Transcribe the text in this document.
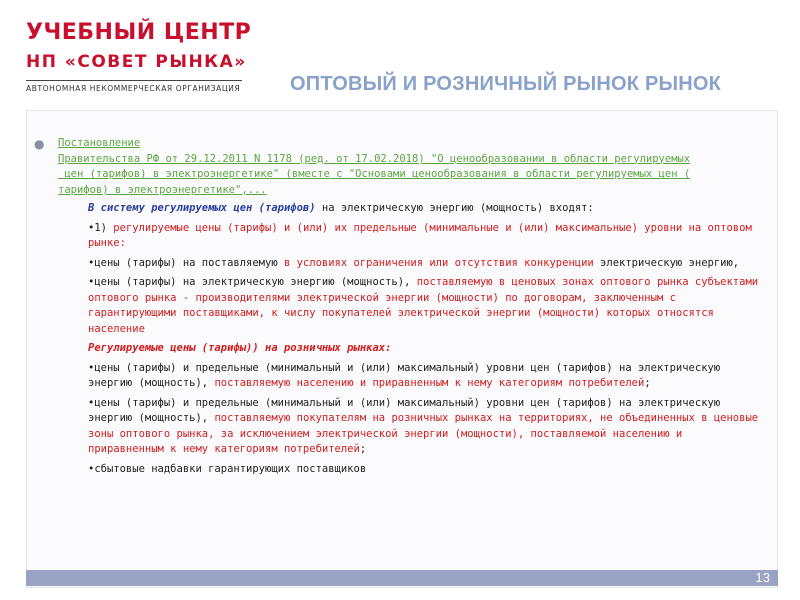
УЧЕБНЫЙ ЦЕНТР
НП «СОВЕТ РЫНКА»
АВТОНОМНАЯ НЕКОММЕРЧЕСКАЯ ОРГАНИЗАЦИЯ	ОПТОВЫЙ И РОЗНИЧНЫЙ РЫНОК РЫНОК
● Постановление
Правительства РФ от 29.12.2011 N 1178 (ред. от 17.02.2018) "О ценообразовании в области регулируемых
цен (тарифов) в электроэнергетике" (вместе с "Основами ценообразования в области регулируемых цен (
тарифов) в электроэнергетике",...
В систему регулируемых цен (тарифов) на электрическую энергию (мощность) входят:
•1) регулируемые цены (тарифы) и (или) их предельные (минимальные и (или) максимальные) уровни на оптовом рынке:
•цены (тарифы) на поставляемую в условиях ограничения или отсутствия конкуренции электрическую энергию,
•цены (тарифы) на электрическую энергию (мощность), поставляемую в ценовых зонах оптового рынка субъектами оптового рынка - производителями электрической энергии (мощности) по договорам, заключенным с гарантирующими поставщиками, к числу покупателей электрической энергии (мощности) которых относятся население
Регулируемые цены (тарифы)) на розничных рынках:
•цены (тарифы) и предельные (минимальный и (или) максимальный) уровни цен (тарифов) на электрическую энергию (мощность), поставляемую населению и приравненным к нему категориям потребителей;
•цены (тарифы) и предельные (минимальный и (или) максимальный) уровни цен (тарифов) на электрическую энергию (мощность), поставляемую покупателям на розничных рынках на территориях, не объединенных в ценовые зоны оптового рынка, за исключением электрической энергии (мощности), поставляемой населению и приравненным к нему категориям потребителей;
•сбытовые надбавки гарантирующих поставщиков
13
